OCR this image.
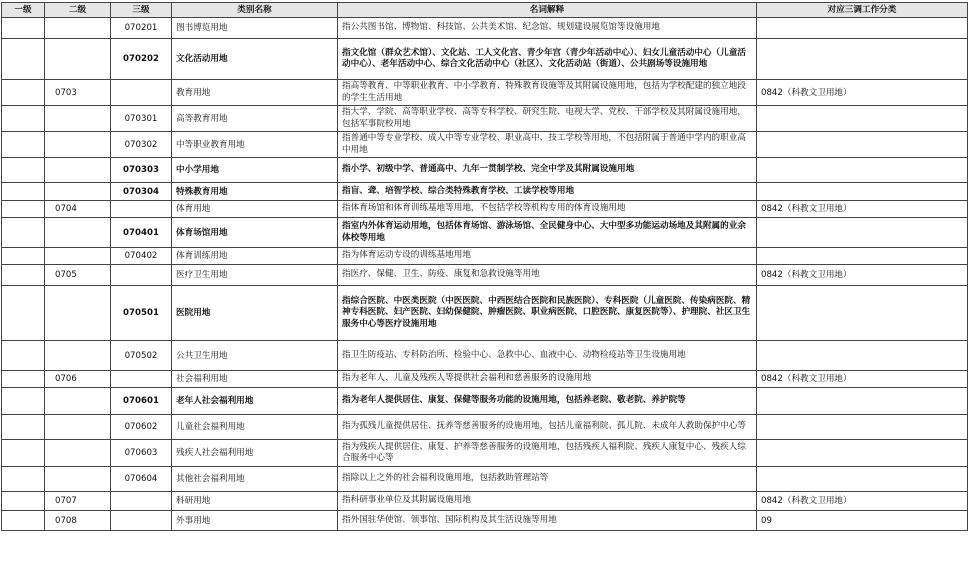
一级	二级	三级	类别名称	名词解释	对应三调工作分类
		070201	图书博览用地	指公共图书馆、博物馆、科技馆、公共美术馆、纪念馆、规划建设展览馆等设施用地	
		070202	文化活动用地	指文化馆（群众艺术馆）、文化站、工人文化宫、青少年宫（青少年活动中心）、妇女儿童活动中心（儿童活动中心）、老年活动中心、综合文化活动中心（社区）、文化活动站（街道）、公共剧场等设施用地	
	0703		教育用地	指高等教育、中等职业教育、中小学教育、特殊教育设施等及其附属设施用地，包括为学校配建的独立地段的学生生活用地	0842（科教文卫用地）
		070301	高等教育用地	指大学、学院、高等职业学校、高等专科学校、研究生院、电视大学、党校、干部学校及其附属设施用地，包括军事院校用地	
		070302	中等职业教育用地	指普通中等专业学校、成人中等专业学校、职业高中、技工学校等用地，不包括附属于普通中学内的职业高中用地	
		070303	中小学用地	指小学、初级中学、普通高中、九年一贯制学校、完全中学及其附属设施用地	
		070304	特殊教育用地	指盲、聋、培智学校、综合类特殊教育学校、工读学校等用地	
	0704		体育用地	指体育场馆和体育训练基地等用地，不包括学校等机构专用的体育设施用地	0842（科教文卫用地）
		070401	体育场馆用地	指室内外体育运动用地，包括体育场馆、游泳场馆、全民健身中心、大中型多功能运动场地及其附属的业余体校等用地	
		070402	体育训练用地	指为体育运动专设的训练基地用地	
	0705		医疗卫生用地	指医疗、保健、卫生、防疫、康复和急救设施等用地	0842（科教文卫用地）
		070501	医院用地	指综合医院、中医类医院（中医医院、中西医结合医院和民族医院）、专科医院（儿童医院、传染病医院、精神专科医院、妇产医院、妇幼保健院、肿瘤医院、职业病医院、口腔医院、康复医院等）、护理院、社区卫生服务中心等医疗设施用地	
		070502	公共卫生用地	指卫生防疫站、专科防治所、检验中心、急救中心、血液中心、动物检疫站等卫生设施用地	
	0706		社会福利用地	指为老年人、儿童及残疾人等提供社会福利和慈善服务的设施用地	0842（科教文卫用地）
		070601	老年人社会福利用地	指为老年人提供居住、康复、保健等服务功能的设施用地，包括养老院、敬老院、养护院等	
		070602	儿童社会福利用地	指为孤残儿童提供居住、抚养等慈善服务的设施用地，包括儿童福利院、孤儿院、未成年人救助保护中心等	
		070603	残疾人社会福利用地	指为残疾人提供居住、康复、护养等慈善服务的设施用地，包括残疾人福利院、残疾人康复中心、残疾人综合服务中心等	
		070604	其他社会福利用地	指除以上之外的社会福利设施用地，包括救助管理站等	
	0707		科研用地	指科研事业单位及其附属设施用地	0842（科教文卫用地）
	0708		外事用地	指外国驻华使馆、领事馆、国际机构及其生活设施等用地	09
